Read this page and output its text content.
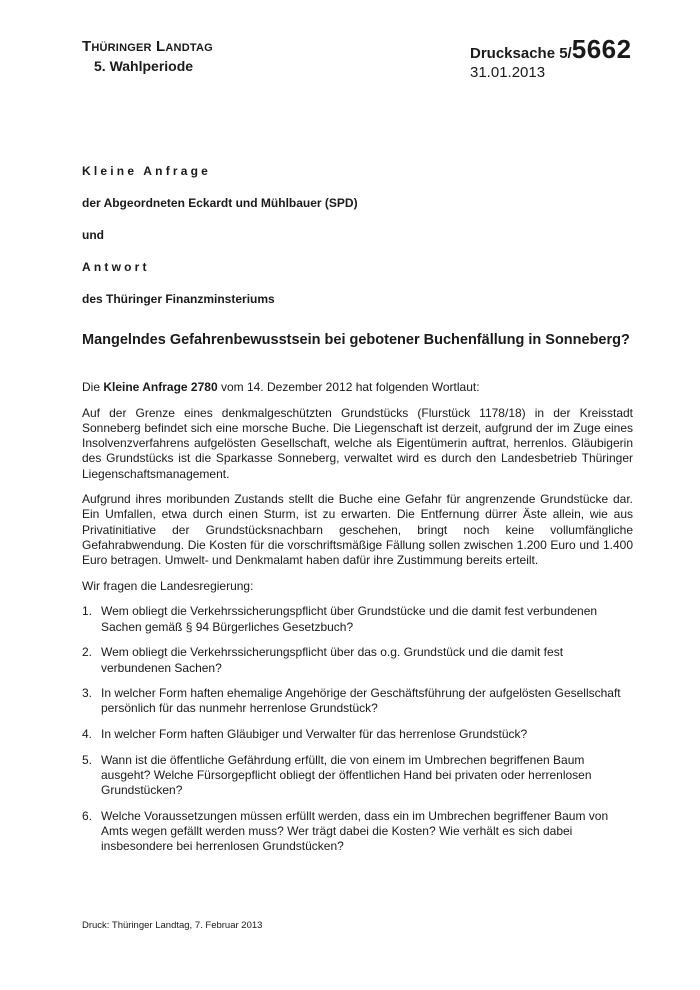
THÜRINGER LANDTAG
5. Wahlperiode
Drucksache 5/5662
31.01.2013
Kleine Anfrage
der Abgeordneten Eckardt und Mühlbauer (SPD)
und
Antwort
des Thüringer Finanzminsteriums
Mangelndes Gefahrenbewusstsein bei gebotener Buchenfällung in Sonneberg?

Die Kleine Anfrage 2780 vom 14. Dezember 2012 hat folgenden Wortlaut:

Auf der Grenze eines denkmalgeschützten Grundstücks (Flurstück 1178/18) in der Kreisstadt Sonneberg befindet sich eine morsche Buche. Die Liegenschaft ist derzeit, aufgrund der im Zuge eines Insolvenzverfahrens aufgelösten Gesellschaft, welche als Eigentümerin auftrat, herrenlos. Gläubigerin des Grundstücks ist die Sparkasse Sonneberg, verwaltet wird es durch den Landesbetrieb Thüringer Liegenschaftsmanagement.

Aufgrund ihres moribunden Zustands stellt die Buche eine Gefahr für angrenzende Grundstücke dar. Ein Umfallen, etwa durch einen Sturm, ist zu erwarten. Die Entfernung dürrer Äste allein, wie aus Privatinitiative der Grundstücksnachbarn geschehen, bringt noch keine vollumfängliche Gefahrabwendung. Die Kosten für die vorschriftsmäßige Fällung sollen zwischen 1.200 Euro und 1.400 Euro betragen. Umwelt- und Denkmalamt haben dafür ihre Zustimmung bereits erteilt.

Wir fragen die Landesregierung:

1. Wem obliegt die Verkehrssicherungspflicht über Grundstücke und die damit fest verbundenen Sachen gemäß § 94 Bürgerliches Gesetzbuch?
2. Wem obliegt die Verkehrssicherungspflicht über das o.g. Grundstück und die damit fest verbundenen Sachen?
3. In welcher Form haften ehemalige Angehörige der Geschäftsführung der aufgelösten Gesellschaft persönlich für das nunmehr herrenlose Grundstück?
4. In welcher Form haften Gläubiger und Verwalter für das herrenlose Grundstück?
5. Wann ist die öffentliche Gefährdung erfüllt, die von einem im Umbrechen begriffenen Baum ausgeht? Welche Fürsorgepflicht obliegt der öffentlichen Hand bei privaten oder herrenlosen Grundstücken?
6. Welche Voraussetzungen müssen erfüllt werden, dass ein im Umbrechen begriffener Baum von Amts wegen gefällt werden muss? Wer trägt dabei die Kosten? Wie verhält es sich dabei insbesondere bei herrenlosen Grundstücken?
Druck: Thüringer Landtag, 7. Februar 2013
